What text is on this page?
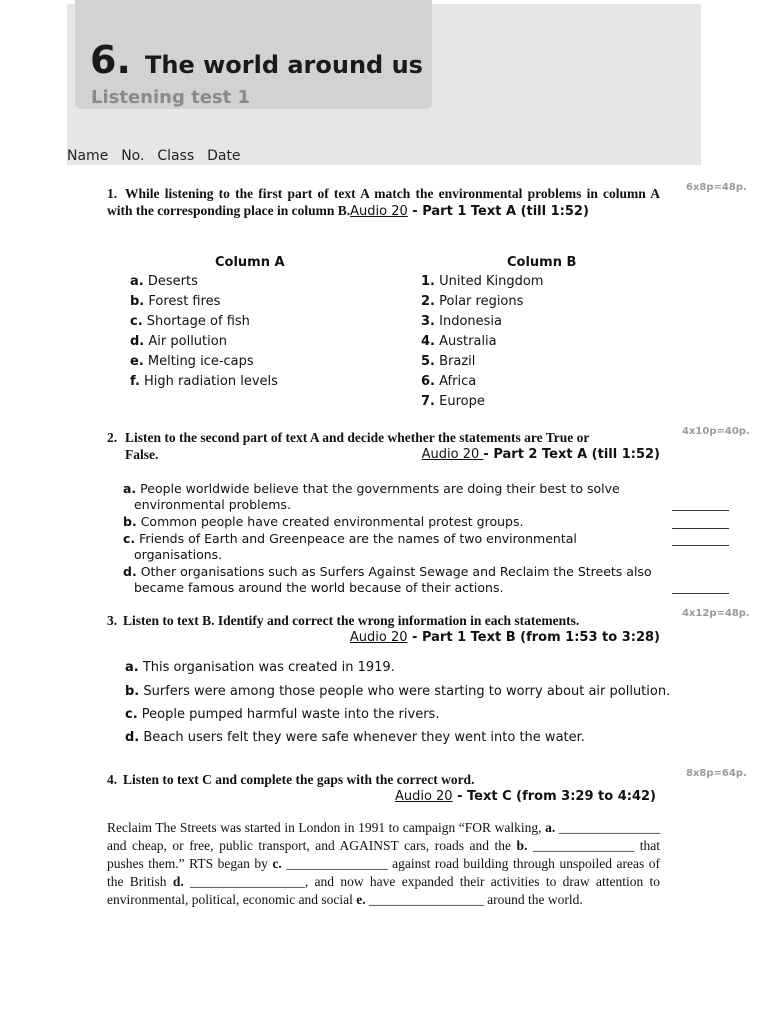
6. The world around us
Listening test 1
Name  No.  Class  Date
6x8p=48p.
1. While listening to the first part of text A match the environmental problems in column A with the corresponding place in column B.Audio 20 - Part 1 Text A (till 1:52)
Column A	Column B
a. Deserts
b. Forest fires
c. Shortage of fish
d. Air pollution
e. Melting ice-caps
f. High radiation levels
1. United Kingdom
2. Polar regions
3. Indonesia
4. Australia
5. Brazil
6. Africa
7. Europe
4x10p=40p.
2. Listen to the second part of text A and decide whether the statements are True or
False.	Audio 20 - Part 2 Text A (till 1:52)
a. People worldwide believe that the governments are doing their best to solve
environmental problems.
b. Common people have created environmental protest groups.
c. Friends of Earth and Greenpeace are the names of two environmental
organisations.
d. Other organisations such as Surfers Against Sewage and Reclaim the Streets also
became famous around the world because of their actions.
4x12p=48p.
3. Listen to text B. Identify and correct the wrong information in each statements.
Audio 20 - Part 1 Text B (from 1:53 to 3:28)
a. This organisation was created in 1919.
b. Surfers were among those people who were starting to worry about air pollution.
c. People pumped harmful waste into the rivers.
d. Beach users felt they were safe whenever they went into the water.
8x8p=64p.
4. Listen to text C and complete the gaps with the correct word.
Audio 20 - Text C (from 3:29 to 4:42)
Reclaim The Streets was started in London in 1991 to campaign “FOR walking, a. _______________ and cheap, or free, public transport, and AGAINST cars, roads and the b. _______________ that pushes them.” RTS began by c. _______________ against road building through unspoiled areas of the British d. _________________, and now have expanded their activities to draw attention to environmental, political, economic and social e. _________________ around the world.
